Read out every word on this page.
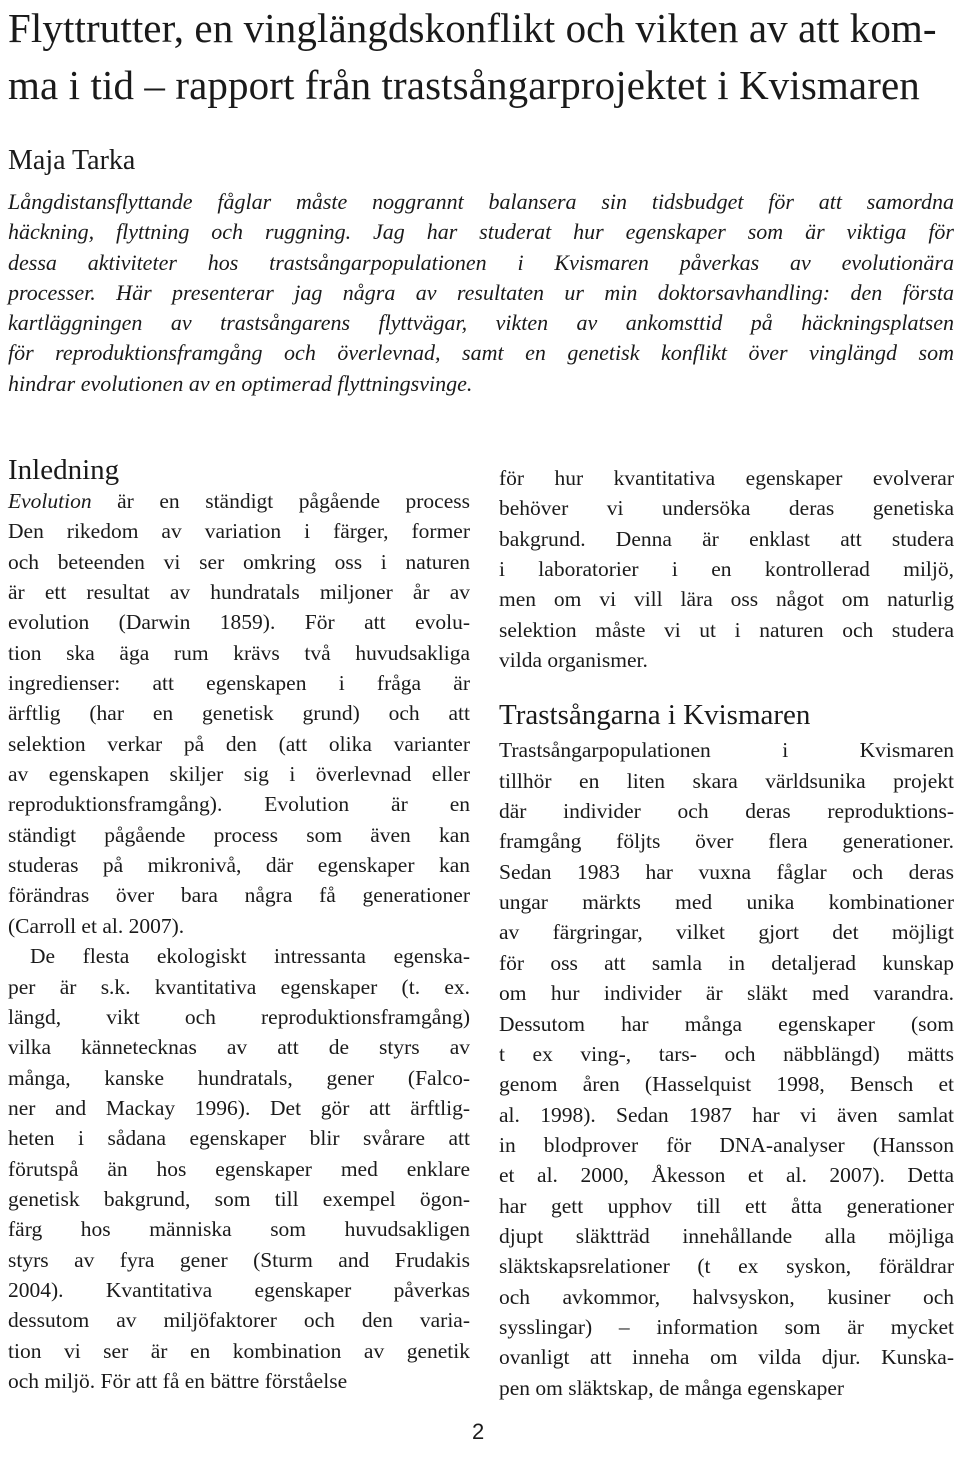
Flyttrutter, en vinglängdskonflikt och vikten av att kom-
ma i tid – rapport från trastsångarprojektet i Kvismaren

Maja Tarka

Långdistansflyttande fåglar måste noggrannt balansera sin tidsbudget för att samordna
häckning, flyttning och ruggning. Jag har studerat hur egenskaper som är viktiga för
dessa aktiviteter hos trastsångarpopulationen i Kvismaren påverkas av evolutionära
processer. Här presenterar jag några av resultaten ur min doktorsavhandling: den första
kartläggningen av trastsångarens flyttvägar, vikten av ankomsttid på häckningsplatsen
för reproduktionsframgång och överlevnad, samt en genetisk konflikt över vinglängd som
hindrar evolutionen av en optimerad flyttningsvinge.
Inledning
Evolution är en ständigt pågående process
Den rikedom av variation i färger, former
och beteenden vi ser omkring oss i naturen
är ett resultat av hundratals miljoner år av
evolution (Darwin 1859). För att evolu-
tion ska äga rum krävs två huvudsakliga
ingredienser: att egenskapen i fråga är
ärftlig (har en genetisk grund) och att
selektion verkar på den (att olika varianter
av egenskapen skiljer sig i överlevnad eller
reproduktionsframgång). Evolution är en
ständigt pågående process som även kan
studeras på mikronivå, där egenskaper kan
förändras över bara några få generationer
(Carroll et al. 2007).
De flesta ekologiskt intressanta egenska-
per är s.k. kvantitativa egenskaper (t. ex.
längd, vikt och reproduktionsframgång)
vilka kännetecknas av att de styrs av
många, kanske hundratals, gener (Falco-
ner and Mackay 1996). Det gör att ärftlig-
heten i sådana egenskaper blir svårare att
förutspå än hos egenskaper med enklare
genetisk bakgrund, som till exempel ögon-
färg hos människa som huvudsakligen
styrs av fyra gener (Sturm and Frudakis
2004). Kvantitativa egenskaper påverkas
dessutom av miljöfaktorer och den varia-
tion vi ser är en kombination av genetik
och miljö. För att få en bättre förståelse
för hur kvantitativa egenskaper evolverar
behöver vi undersöka deras genetiska
bakgrund. Denna är enklast att studera
i laboratorier i en kontrollerad miljö,
men om vi vill lära oss något om naturlig
selektion måste vi ut i naturen och studera
vilda organismer.
Trastsångarna i Kvismaren
Trastsångarpopulationen i Kvismaren
tillhör en liten skara världsunika projekt
där individer och deras reproduktions-
framgång följts över flera generationer.
Sedan 1983 har vuxna fåglar och deras
ungar märkts med unika kombinationer
av färgringar, vilket gjort det möjligt
för oss att samla in detaljerad kunskap
om hur individer är släkt med varandra.
Dessutom har många egenskaper (som
t ex ving-, tars- och näbblängd) mätts
genom åren (Hasselquist 1998, Bensch et
al. 1998). Sedan 1987 har vi även samlat
in blodprover för DNA-analyser (Hansson
et al. 2000, Åkesson et al. 2007). Detta
har gett upphov till ett åtta generationer
djupt släktträd innehållande alla möjliga
släktskapsrelationer (t ex syskon, föräldrar
och avkommor, halvsyskon, kusiner och
sysslingar) – information som är mycket
ovanligt att inneha om vilda djur. Kunska-
pen om släktskap, de många egenskaper
2
